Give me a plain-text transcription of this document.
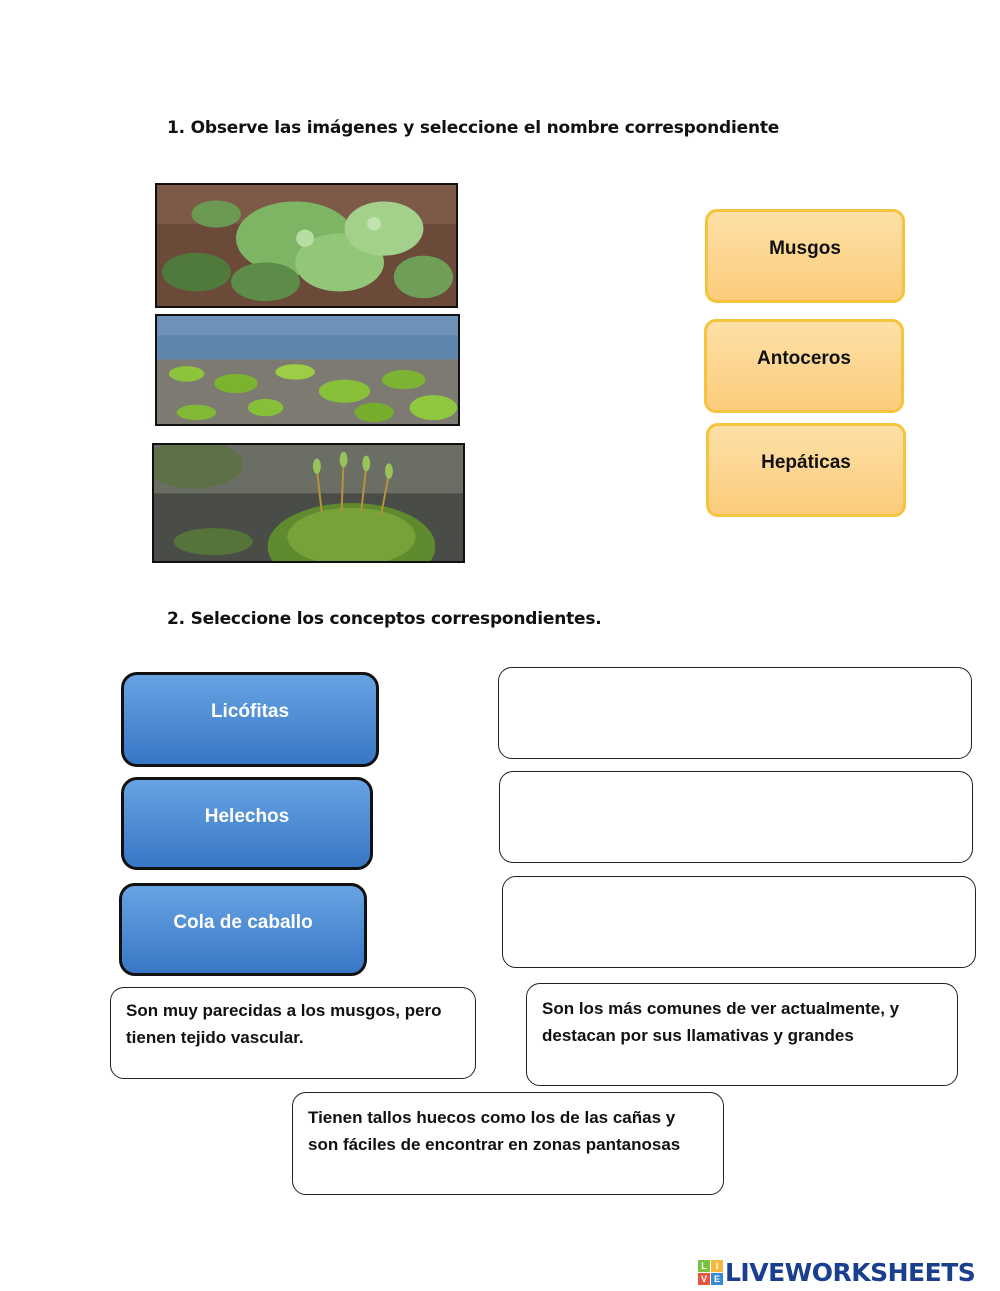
1. Observe las imágenes y seleccione el nombre correspondiente
Musgos
Antoceros
Hepáticas
2. Seleccione los conceptos correspondientes.
Licófitas
Helechos
Cola de caballo
Son muy parecidas a los musgos, pero tienen tejido vascular.
Son los más comunes de ver actualmente, y destacan por sus llamativas y grandes
Tienen tallos huecos como los de las cañas y son fáciles de encontrar en zonas pantanosas
L I
V E LIVEWORKSHEETS
